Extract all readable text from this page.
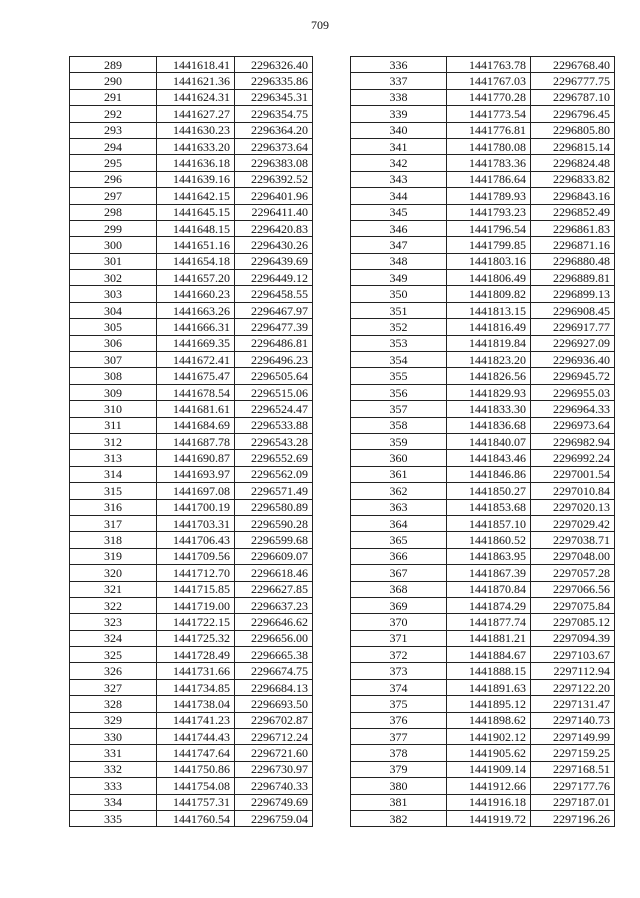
709
289	1441618.41	2296326.40
290	1441621.36	2296335.86
291	1441624.31	2296345.31
292	1441627.27	2296354.75
293	1441630.23	2296364.20
294	1441633.20	2296373.64
295	1441636.18	2296383.08
296	1441639.16	2296392.52
297	1441642.15	2296401.96
298	1441645.15	2296411.40
299	1441648.15	2296420.83
300	1441651.16	2296430.26
301	1441654.18	2296439.69
302	1441657.20	2296449.12
303	1441660.23	2296458.55
304	1441663.26	2296467.97
305	1441666.31	2296477.39
306	1441669.35	2296486.81
307	1441672.41	2296496.23
308	1441675.47	2296505.64
309	1441678.54	2296515.06
310	1441681.61	2296524.47
311	1441684.69	2296533.88
312	1441687.78	2296543.28
313	1441690.87	2296552.69
314	1441693.97	2296562.09
315	1441697.08	2296571.49
316	1441700.19	2296580.89
317	1441703.31	2296590.28
318	1441706.43	2296599.68
319	1441709.56	2296609.07
320	1441712.70	2296618.46
321	1441715.85	2296627.85
322	1441719.00	2296637.23
323	1441722.15	2296646.62
324	1441725.32	2296656.00
325	1441728.49	2296665.38
326	1441731.66	2296674.75
327	1441734.85	2296684.13
328	1441738.04	2296693.50
329	1441741.23	2296702.87
330	1441744.43	2296712.24
331	1441747.64	2296721.60
332	1441750.86	2296730.97
333	1441754.08	2296740.33
334	1441757.31	2296749.69
335	1441760.54	2296759.04
336	1441763.78	2296768.40
337	1441767.03	2296777.75
338	1441770.28	2296787.10
339	1441773.54	2296796.45
340	1441776.81	2296805.80
341	1441780.08	2296815.14
342	1441783.36	2296824.48
343	1441786.64	2296833.82
344	1441789.93	2296843.16
345	1441793.23	2296852.49
346	1441796.54	2296861.83
347	1441799.85	2296871.16
348	1441803.16	2296880.48
349	1441806.49	2296889.81
350	1441809.82	2296899.13
351	1441813.15	2296908.45
352	1441816.49	2296917.77
353	1441819.84	2296927.09
354	1441823.20	2296936.40
355	1441826.56	2296945.72
356	1441829.93	2296955.03
357	1441833.30	2296964.33
358	1441836.68	2296973.64
359	1441840.07	2296982.94
360	1441843.46	2296992.24
361	1441846.86	2297001.54
362	1441850.27	2297010.84
363	1441853.68	2297020.13
364	1441857.10	2297029.42
365	1441860.52	2297038.71
366	1441863.95	2297048.00
367	1441867.39	2297057.28
368	1441870.84	2297066.56
369	1441874.29	2297075.84
370	1441877.74	2297085.12
371	1441881.21	2297094.39
372	1441884.67	2297103.67
373	1441888.15	2297112.94
374	1441891.63	2297122.20
375	1441895.12	2297131.47
376	1441898.62	2297140.73
377	1441902.12	2297149.99
378	1441905.62	2297159.25
379	1441909.14	2297168.51
380	1441912.66	2297177.76
381	1441916.18	2297187.01
382	1441919.72	2297196.26
